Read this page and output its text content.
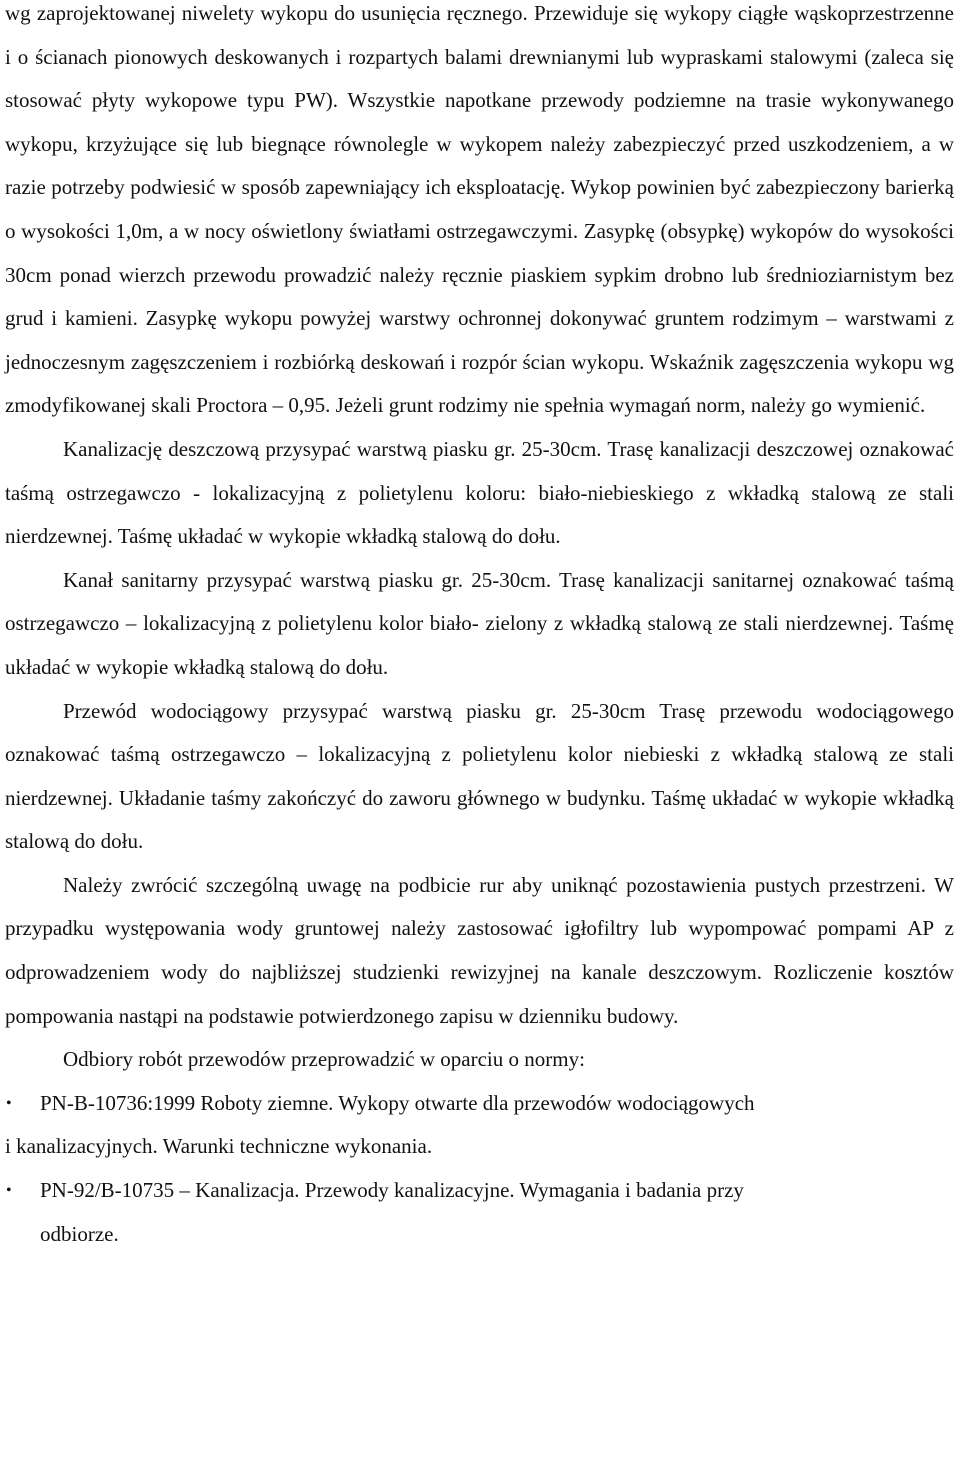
wg zaprojektowanej niwelety wykopu do usunięcia ręcznego. Przewiduje się wykopy ciągłe wąskoprzestrzenne i o ścianach pionowych deskowanych i rozpartych balami drewnianymi lub wypraskami stalowymi (zaleca się stosować płyty wykopowe typu PW). Wszystkie napotkane przewody podziemne na trasie wykonywanego wykopu, krzyżujące się lub biegnące równolegle w wykopem należy zabezpieczyć przed uszkodzeniem, a w razie potrzeby podwiesić w sposób zapewniający ich eksploatację. Wykop powinien być zabezpieczony barierką o wysokości 1,0m, a w nocy oświetlony światłami ostrzegawczymi. Zasypkę (obsypkę) wykopów do wysokości 30cm ponad wierzch przewodu prowadzić należy ręcznie piaskiem sypkim drobno lub średnioziarnistym bez grud i kamieni. Zasypkę wykopu powyżej warstwy ochronnej dokonywać gruntem rodzimym – warstwami z jednoczesnym zagęszczeniem i rozbiórką deskowań i rozpór ścian wykopu. Wskaźnik zagęszczenia wykopu wg zmodyfikowanej skali Proctora – 0,95. Jeżeli grunt rodzimy nie spełnia wymagań norm, należy go wymienić.

Kanalizację deszczową przysypać warstwą piasku gr. 25-30cm. Trasę kanalizacji deszczowej oznakować taśmą ostrzegawczo - lokalizacyjną z polietylenu koloru: biało-niebieskiego z wkładką stalową ze stali nierdzewnej. Taśmę układać w wykopie wkładką stalową do dołu.

Kanał sanitarny przysypać warstwą piasku gr. 25-30cm. Trasę kanalizacji sanitarnej oznakować taśmą ostrzegawczo – lokalizacyjną z polietylenu kolor biało- zielony z wkładką stalową ze stali nierdzewnej. Taśmę układać w wykopie wkładką stalową do dołu.

Przewód wodociągowy przysypać warstwą piasku gr. 25-30cm Trasę przewodu wodociągowego oznakować taśmą ostrzegawczo – lokalizacyjną z polietylenu kolor niebieski z wkładką stalową ze stali nierdzewnej. Układanie taśmy zakończyć do zaworu głównego w budynku. Taśmę układać w wykopie wkładką stalową do dołu.

Należy zwrócić szczególną uwagę na podbicie rur aby uniknąć pozostawienia pustych przestrzeni. W przypadku występowania wody gruntowej należy zastosować igłofiltry lub wypompować pompami AP z odprowadzeniem wody do najbliższej studzienki rewizyjnej na kanale deszczowym. Rozliczenie kosztów pompowania nastąpi na podstawie potwierdzonego zapisu w dzienniku budowy.

Odbiory robót przewodów przeprowadzić w oparciu o normy:

•	PN-B-10736:1999 Roboty ziemne. Wykopy otwarte dla przewodów wodociągowych
i kanalizacyjnych. Warunki techniczne wykonania.
•	PN-92/B-10735 – Kanalizacja. Przewody kanalizacyjne. Wymagania i badania przy
odbiorze.
